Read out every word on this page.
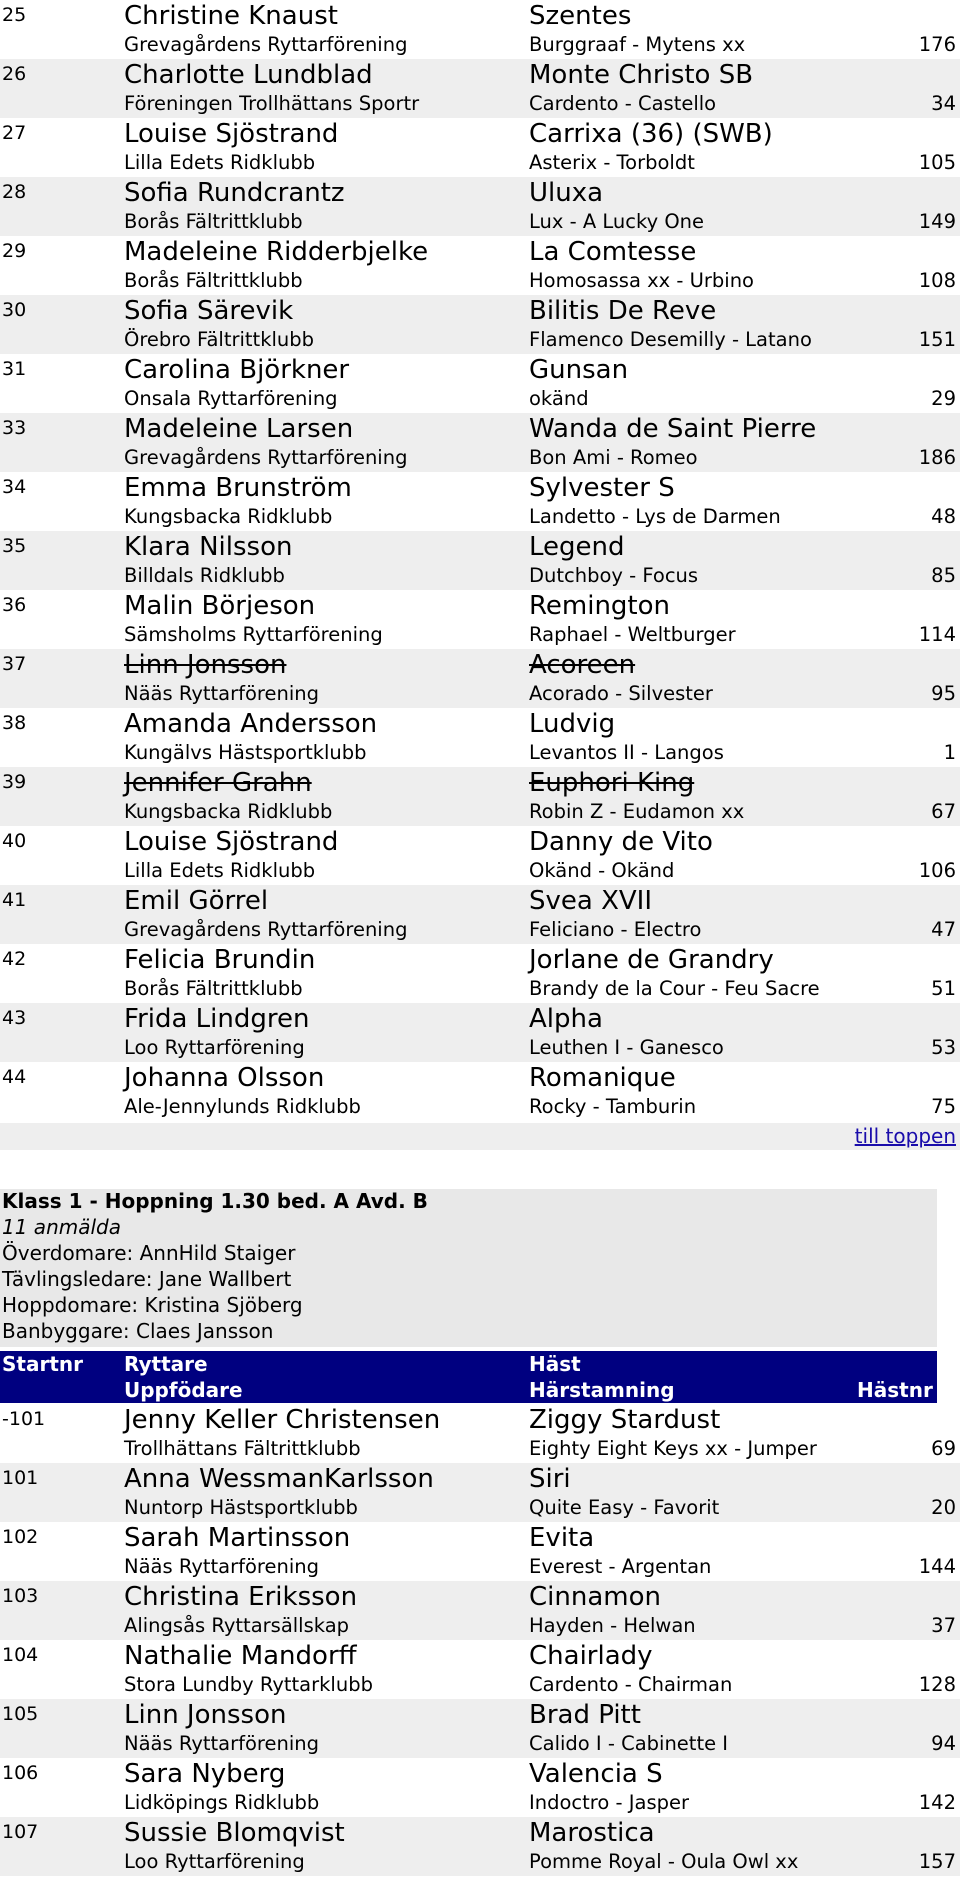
25	Christine Knaust	Szentes
Grevagårdens Ryttarförening	Burggraaf - Mytens xx	176
26	Charlotte Lundblad	Monte Christo SB
Föreningen Trollhättans Sportr	Cardento - Castello	34
27	Louise Sjöstrand	Carrixa (36) (SWB)
Lilla Edets Ridklubb	Asterix - Torboldt	105
28	Sofia Rundcrantz	Uluxa
Borås Fältrittklubb	Lux - A Lucky One	149
29	Madeleine Ridderbjelke	La Comtesse
Borås Fältrittklubb	Homosassa xx - Urbino	108
30	Sofia Särevik	Bilitis De Reve
Örebro Fältrittklubb	Flamenco Desemilly - Latano	151
31	Carolina Björkner	Gunsan
Onsala Ryttarförening	okänd	29
33	Madeleine Larsen	Wanda de Saint Pierre
Grevagårdens Ryttarförening	Bon Ami - Romeo	186
34	Emma Brunström	Sylvester S
Kungsbacka Ridklubb	Landetto - Lys de Darmen	48
35	Klara Nilsson	Legend
Billdals Ridklubb	Dutchboy - Focus	85
36	Malin Börjeson	Remington
Sämsholms Ryttarförening	Raphael - Weltburger	114
37	Linn Jonsson	Acoreen
Nääs Ryttarförening	Acorado - Silvester	95
38	Amanda Andersson	Ludvig
Kungälvs Hästsportklubb	Levantos II - Langos	1
39	Jennifer Grahn	Euphori King
Kungsbacka Ridklubb	Robin Z - Eudamon xx	67
40	Louise Sjöstrand	Danny de Vito
Lilla Edets Ridklubb	Okänd - Okänd	106
41	Emil Görrel	Svea XVII
Grevagårdens Ryttarförening	Feliciano - Electro	47
42	Felicia Brundin	Jorlane de Grandry
Borås Fältrittklubb	Brandy de la Cour - Feu Sacre	51
43	Frida Lindgren	Alpha
Loo Ryttarförening	Leuthen I - Ganesco	53
44	Johanna Olsson	Romanique
Ale-Jennylunds Ridklubb	Rocky - Tamburin	75
till toppen
Klass 1 - Hoppning 1.30 bed. A Avd. B
11 anmälda
Överdomare: AnnHild Staiger
Tävlingsledare: Jane Wallbert
Hoppdomare: Kristina Sjöberg
Banbyggare: Claes Jansson
Startnr Ryttare	Häst
Uppfödare	Härstamning	Hästnr
-101	Jenny Keller Christensen	Ziggy Stardust
Trollhättans Fältrittklubb	Eighty Eight Keys xx - Jumper	69
101	Anna WessmanKarlsson	Siri
Nuntorp Hästsportklubb	Quite Easy - Favorit	20
102	Sarah Martinsson	Evita
Nääs Ryttarförening	Everest - Argentan	144
103	Christina Eriksson	Cinnamon
Alingsås Ryttarsällskap	Hayden - Helwan	37
104	Nathalie Mandorff	Chairlady
Stora Lundby Ryttarklubb	Cardento - Chairman	128
105	Linn Jonsson	Brad Pitt
Nääs Ryttarförening	Calido I - Cabinette I	94
106	Sara Nyberg	Valencia S
Lidköpings Ridklubb	Indoctro - Jasper	142
107	Sussie Blomqvist	Marostica
Loo Ryttarförening	Pomme Royal - Oula Owl xx	157
